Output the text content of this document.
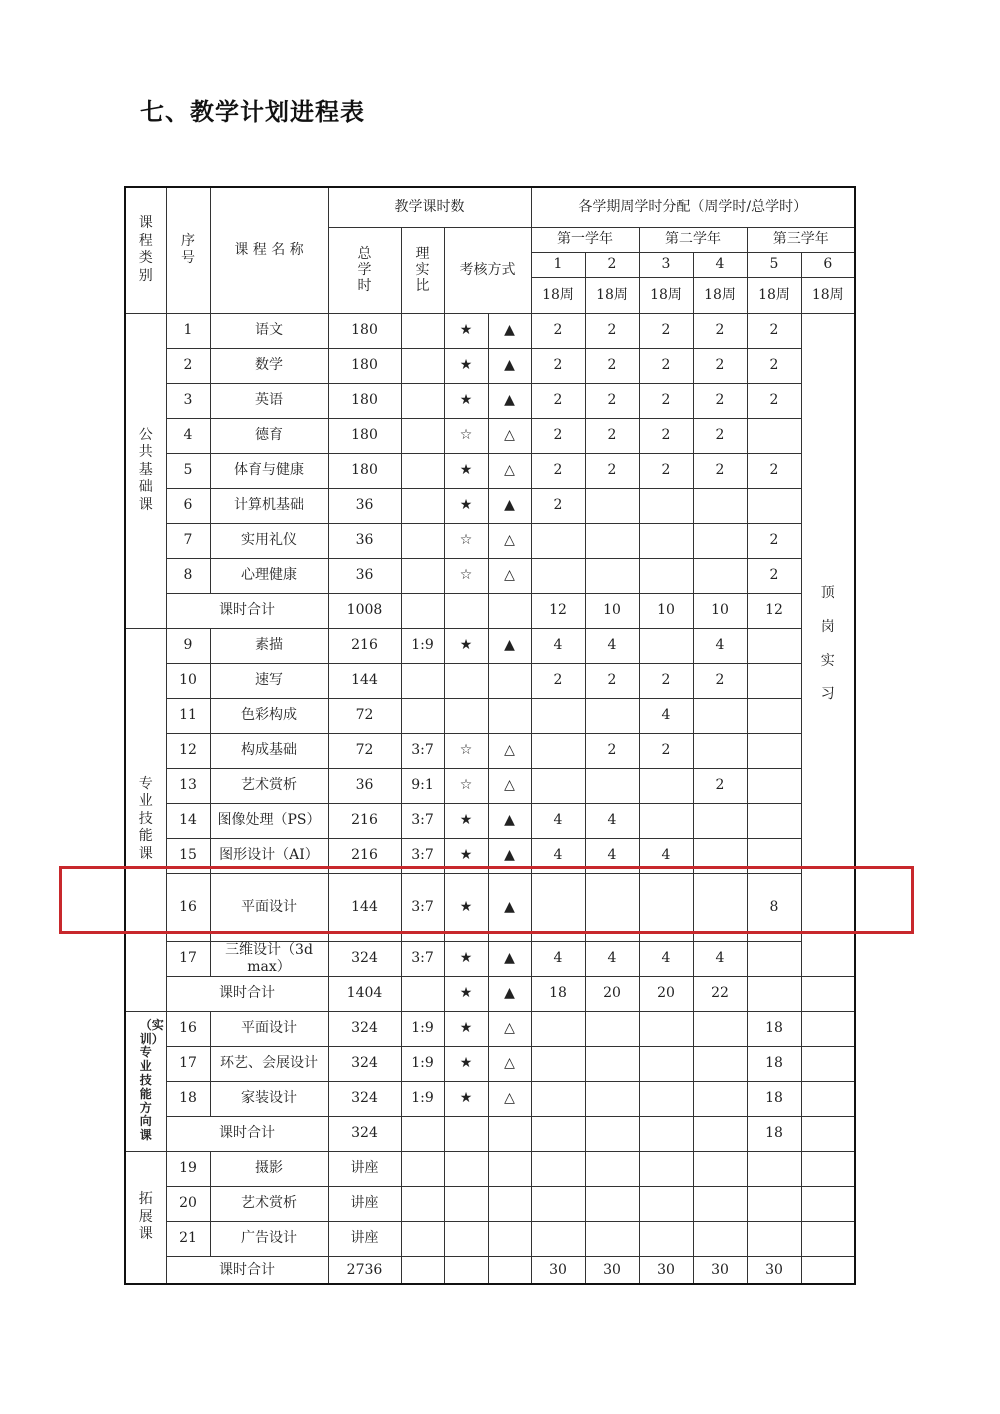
七、教学计划进程表
课程类别	序号	课 程 名 称	教学课时数				各学期周学时分配（周学时/总学时）					
			总学时	理实比	考核方式		第一学年		第二学年		第三学年	
							1	2	3	4	5	6
							18周	18周	18周	18周	18周	18周
公共基础课	1	语文	180		★	▲	2	2	2	2	2	顶岗实习
	2	数学	180		★	▲	2	2	2	2	2	
	3	英语	180		★	▲	2	2	2	2	2	
	4	德育	180		☆	△	2	2	2	2		
	5	体育与健康	180		★	△	2	2	2	2	2	
	6	计算机基础	36		★	▲	2					
	7	实用礼仪	36		☆	△					2	
	8	心理健康	36		☆	△					2	
	课时合计		1008				12	10	10	10	12	
专业技能课	9	素描	216	1:9	★	▲	4	4		4		
	10	速写	144				2	2	2	2		
	11	色彩构成	72						4			
	12	构成基础	72	3:7	☆	△		2	2			
	13	艺术赏析	36	9:1	☆	△				2		
	14	图像处理（PS）	216	3:7	★	▲	4	4				
	15	图形设计（AI）	216	3:7	★	▲	4	4	4			
	16	平面设计	144	3:7	★	▲					8	
	17	三维设计（3d max）	324	3:7	★	▲	4	4	4	4		
	课时合计		1404		★	▲	18	20	20	22		
（实训）专业技能方向课	16	平面设计	324	1:9	★	△					18	
	17	环艺、会展设计	324	1:9	★	△					18	
	18	家装设计	324	1:9	★	△					18	
	课时合计		324								18	
拓展课	19	摄影	讲座									
	20	艺术赏析	讲座									
	21	广告设计	讲座									
	课时合计		2736				30	30	30	30	30	
